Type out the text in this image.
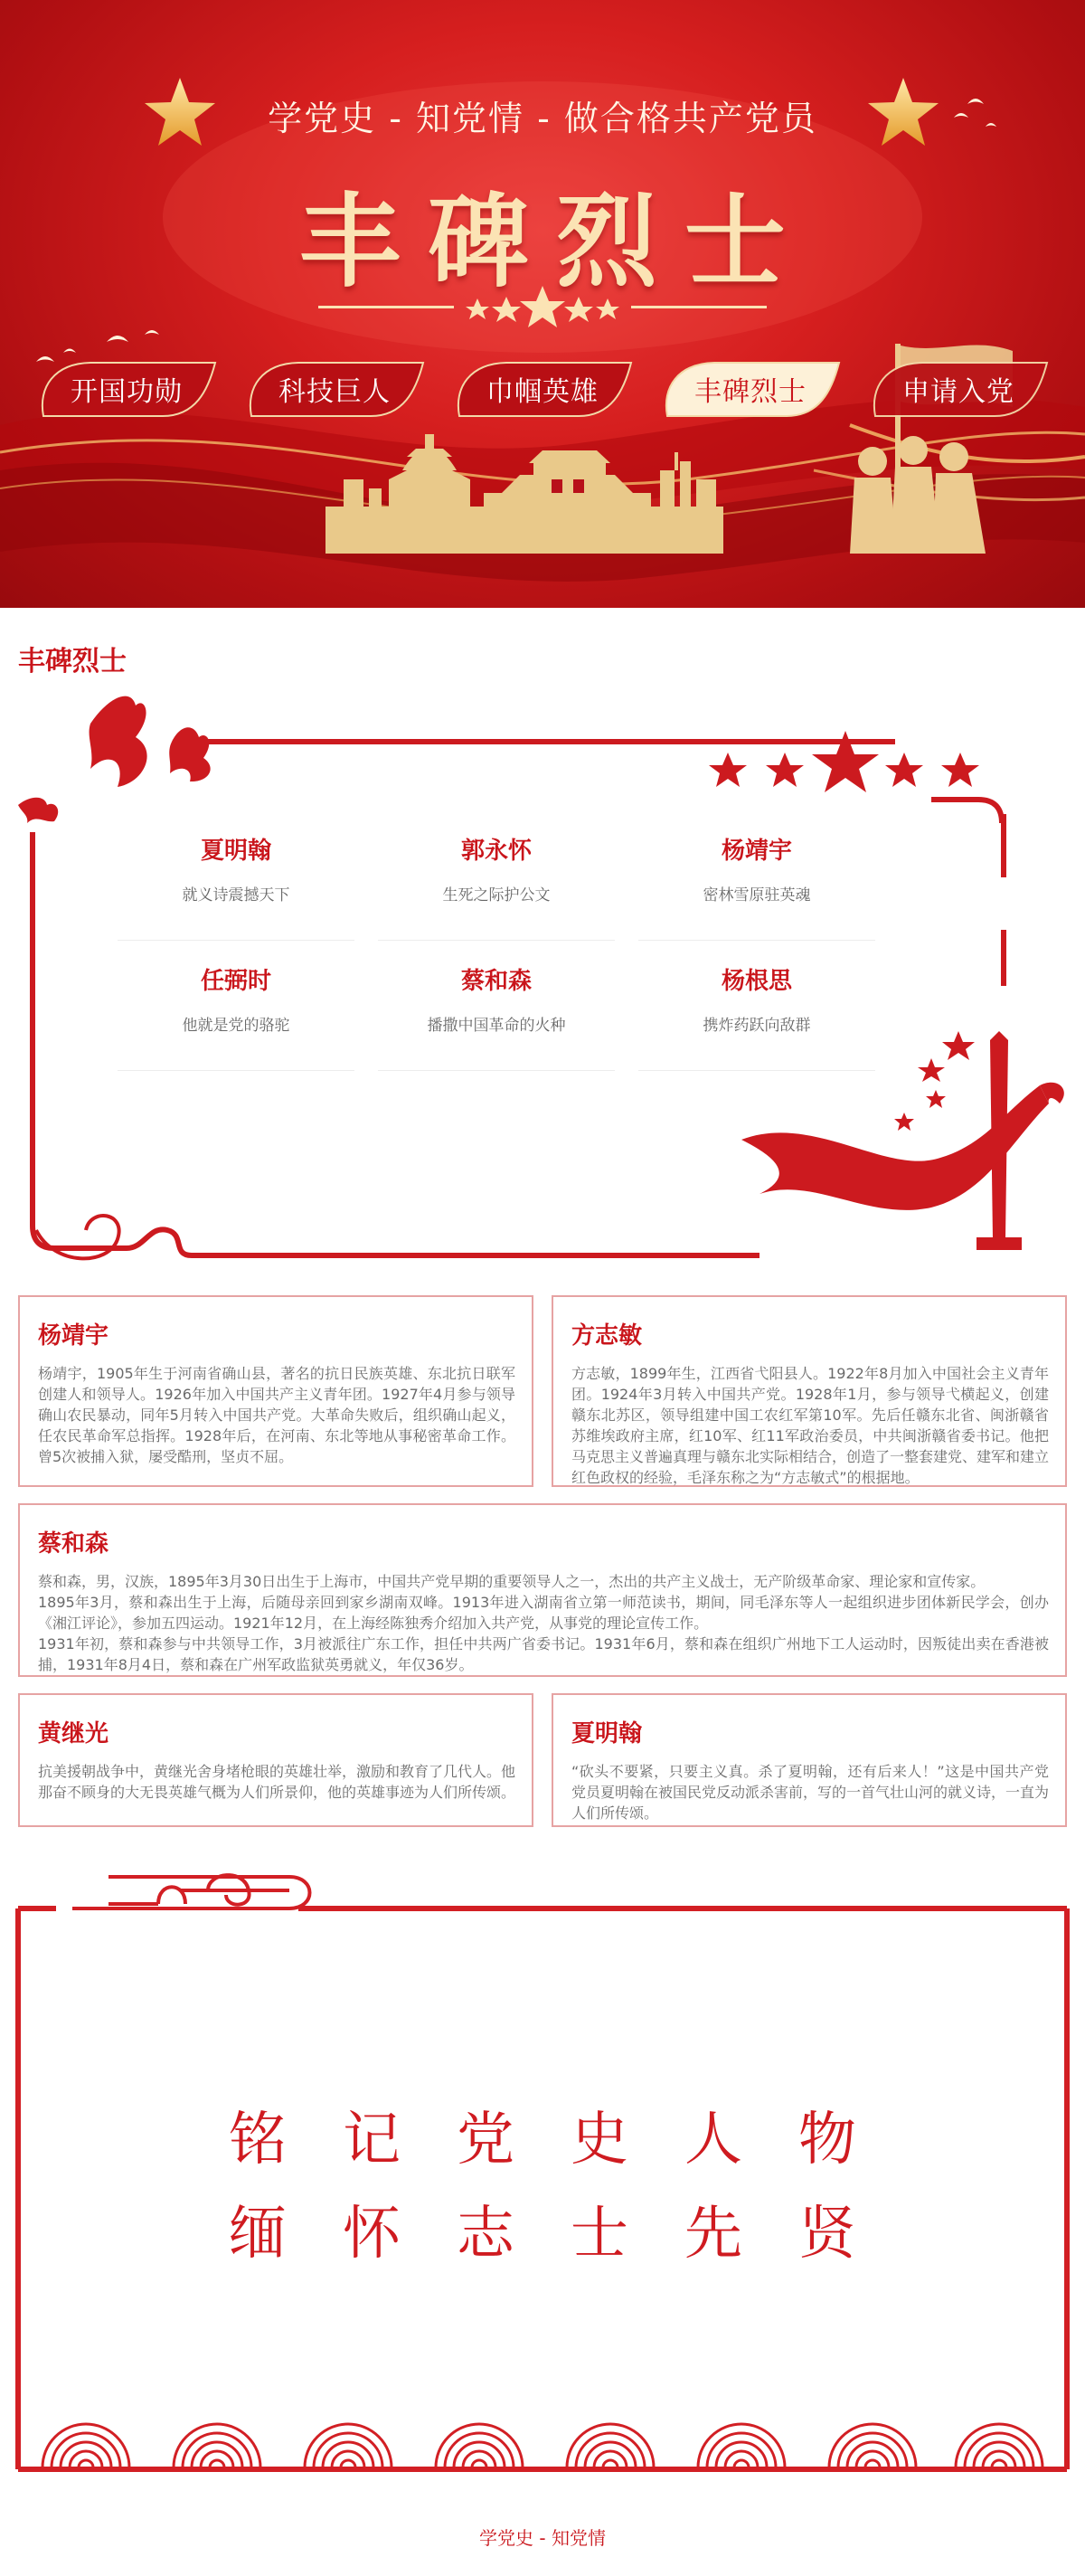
学党史 - 知党情 - 做合格共产党员
丰碑烈士
开国功勋	科技巨人	巾帼英雄	丰碑烈士	申请入党
丰碑烈士
夏明翰
就义诗震撼天下
郭永怀
生死之际护公文
杨靖宇
密林雪原驻英魂
任弼时
他就是党的骆驼
蔡和森
播撒中国革命的火种
杨根思
携炸药跃向敌群
杨靖宇

杨靖宇，1905年生于河南省确山县，著名的抗日民族英雄、东北抗日联军创建人和领导人。1926年加入中国共产主义青年团。1927年4月参与领导确山农民暴动，同年5月转入中国共产党。大革命失败后，组织确山起义，任农民革命军总指挥。1928年后，在河南、东北等地从事秘密革命工作。曾5次被捕入狱，屡受酷刑，坚贞不屈。

方志敏

方志敏，1899年生，江西省弋阳县人。1922年8月加入中国社会主义青年团。1924年3月转入中国共产党。1928年1月，参与领导弋横起义，创建赣东北苏区，领导组建中国工农红军第10军。先后任赣东北省、闽浙赣省苏维埃政府主席，红10军、红11军政治委员，中共闽浙赣省委书记。他把马克思主义普遍真理与赣东北实际相结合，创造了一整套建党、建军和建立红色政权的经验，毛泽东称之为“方志敏式”的根据地。

蔡和森

蔡和森，男，汉族，1895年3月30日出生于上海市，中国共产党早期的重要领导人之一，杰出的共产主义战士，无产阶级革命家、理论家和宣传家。

1895年3月，蔡和森出生于上海，后随母亲回到家乡湖南双峰。1913年进入湖南省立第一师范读书，期间，同毛泽东等人一起组织进步团体新民学会，创办《湘江评论》，参加五四运动。1921年12月，在上海经陈独秀介绍加入共产党，从事党的理论宣传工作。

1931年初，蔡和森参与中共领导工作，3月被派往广东工作，担任中共两广省委书记。1931年6月，蔡和森在组织广州地下工人运动时，因叛徒出卖在香港被捕，1931年8月4日，蔡和森在广州军政监狱英勇就义，年仅36岁。

黄继光

抗美援朝战争中，黄继光舍身堵枪眼的英雄壮举，激励和教育了几代人。他那奋不顾身的大无畏英雄气概为人们所景仰，他的英雄事迹为人们所传颂。

夏明翰

“砍头不要紧，只要主义真。杀了夏明翰，还有后来人！”这是中国共产党党员夏明翰在被国民党反动派杀害前，写的一首气壮山河的就义诗，一直为人们所传颂。

铭记党史人物
缅怀志士先贤
学党史 - 知党情
